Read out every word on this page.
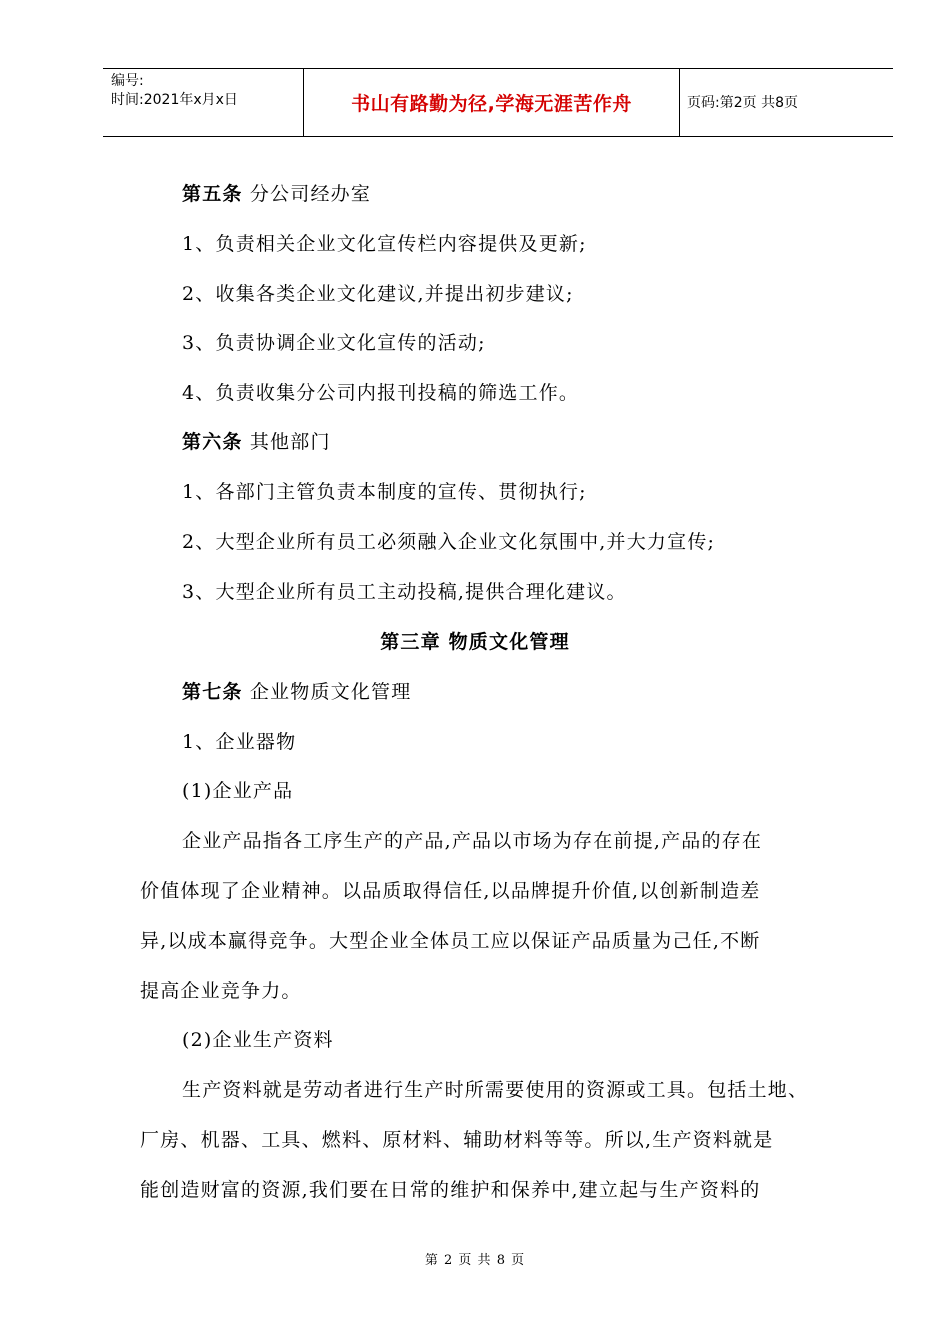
编号:
时间:2021年x月x日	书山有路勤为径,学海无涯苦作舟	页码:第2页 共8页
第五条 分公司经办室
1、负责相关企业文化宣传栏内容提供及更新;
2、收集各类企业文化建议,并提出初步建议;
3、负责协调企业文化宣传的活动;
4、负责收集分公司内报刊投稿的筛选工作。
第六条 其他部门
1、各部门主管负责本制度的宣传、贯彻执行;
2、大型企业所有员工必须融入企业文化氛围中,并大力宣传;
3、大型企业所有员工主动投稿,提供合理化建议。
第三章 物质文化管理
第七条 企业物质文化管理
1、企业器物
(1)企业产品
企业产品指各工序生产的产品,产品以市场为存在前提,产品的存在
价值体现了企业精神。以品质取得信任,以品牌提升价值,以创新制造差
异,以成本赢得竞争。大型企业全体员工应以保证产品质量为己任,不断
提高企业竞争力。
(2)企业生产资料
生产资料就是劳动者进行生产时所需要使用的资源或工具。包括土地、
厂房、机器、工具、燃料、原材料、辅助材料等等。所以,生产资料就是
能创造财富的资源,我们要在日常的维护和保养中,建立起与生产资料的
第 2 页 共 8 页
